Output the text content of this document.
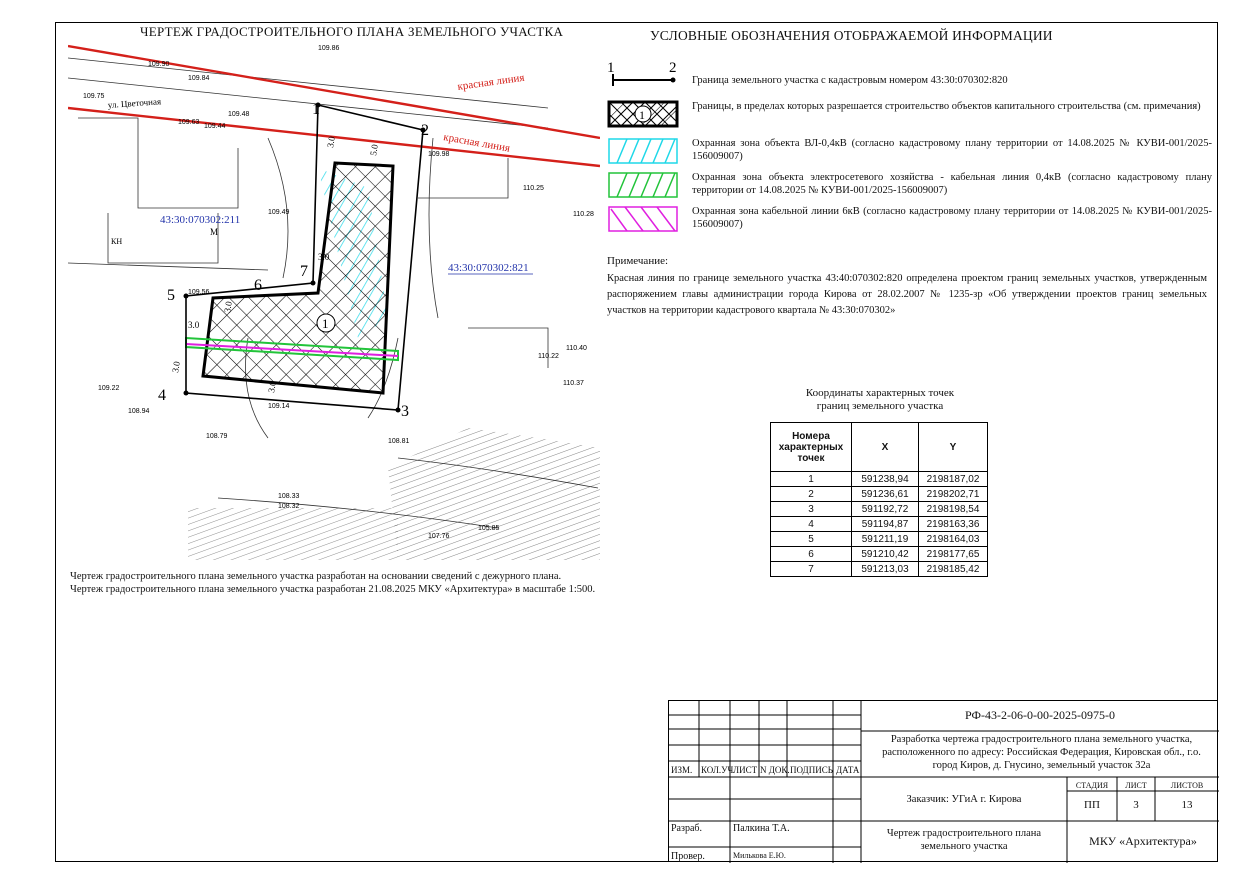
ЧЕРТЕЖ ГРАДОСТРОИТЕЛЬНОГО ПЛАНА ЗЕМЕЛЬНОГО УЧАСТКА
красная линия
красная линия
ул. Цветочная
М
КН
43:30:070302:211
43:30:070302:821
1
2
3
4
5
6
7
1
3.0
5.0
3.0
3.0
3.0
3.0
3.0
109.86
109.90
109.84
109.48
109.75
109.63
109.44
109.49
109.22
109.56
108.94
109.14
108.79
108.81
108.33
108.32
109.98
110.25
110.28
110.22
110.37
110.40
107.76
105.85
УСЛОВНЫЕ ОБОЗНАЧЕНИЯ ОТОБРАЖАЕМОЙ ИНФОРМАЦИИ
1	2
Граница земельного участка с кадастровым номером 43:30:070302:820
1
Границы, в пределах которых разрешается строительство объектов капитального строительства (см. примечания)
Охранная зона объекта ВЛ-0,4кВ (согласно кадастровому плану территории от 14.08.2025 № КУВИ-001/2025-156009007)
Охранная зона объекта электросетевого хозяйства - кабельная линия 0,4кВ (согласно кадастровому плану территории от 14.08.2025 № КУВИ-001/2025-156009007)
Охранная зона кабельной линии 6кВ (согласно кадастровому плану территории от 14.08.2025 № КУВИ-001/2025-156009007)
Примечание:
Красная линия по границе земельного участка 43:40:070302:820 определена проектом границ земельных участков, утвержденным распоряжением главы администрации города Кирова от 28.02.2007 № 1235-зр «Об утверждении проектов границ земельных участков на территории кадастрового квартала № 43:30:070302»
Координаты характерных точек
границ земельного участка
Номера характерных точек	X	Y
1	591238,94	2198187,02
2	591236,61	2198202,71
3	591192,72	2198198,54
4	591194,87	2198163,36
5	591211,19	2198164,03
6	591210,42	2198177,65
7	591213,03	2198185,42
Чертеж градостроительного плана земельного участка разработан на основании сведений с дежурного плана.
Чертеж градостроительного плана земельного участка разработан 21.08.2025 МКУ «Архитектура» в масштабе 1:500.
ИЗМ. КОЛ.УЧ ЛИСТ N ДОК. ПОДПИСЬ ДАТА
Разраб.	Палкина Т.А.
Провер.	Милькова Е.Ю.
РФ-43-2-06-0-00-2025-0975-0
Разработка чертежа градостроительного плана земельного участка, расположенного по адресу: Российская Федерация, Кировская обл., г.о. город Киров, д. Гнусино, земельный участок 32а
Заказчик: УГиА г. Кирова
СТАДИЯ	ЛИСТ	ЛИСТОВ
ПП	3	13
Чертеж градостроительного плана земельного участка	МКУ «Архитектура»
